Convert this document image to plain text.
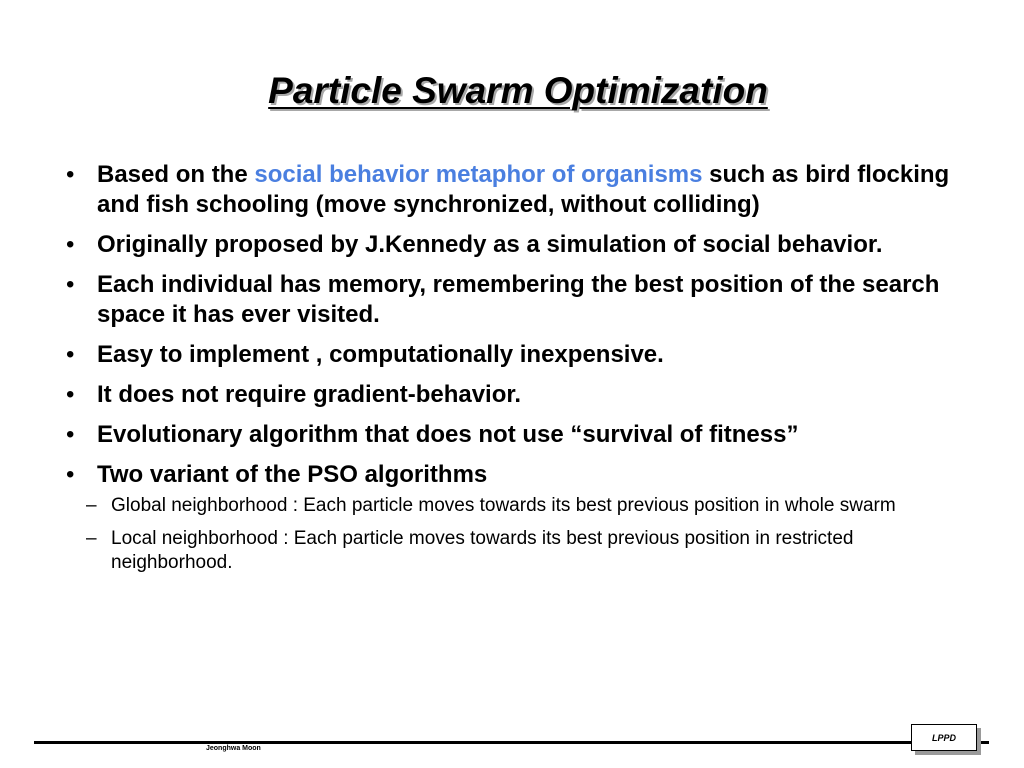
Particle Swarm Optimization
• Based on the social behavior metaphor of organisms such as bird flocking and fish schooling (move synchronized, without colliding)
• Originally proposed by J.Kennedy as a simulation of social behavior.
• Each individual has memory, remembering the best position of the search space it has ever visited.
• Easy to implement , computationally inexpensive.
• It does not require gradient-behavior.
• Evolutionary algorithm that does not use “survival of fitness”
• Two variant of the PSO algorithms
– Global neighborhood : Each particle moves towards its best previous position in whole swarm
– Local neighborhood : Each particle moves towards its best previous position in restricted neighborhood.
Jeonghwa Moon
LPPD
